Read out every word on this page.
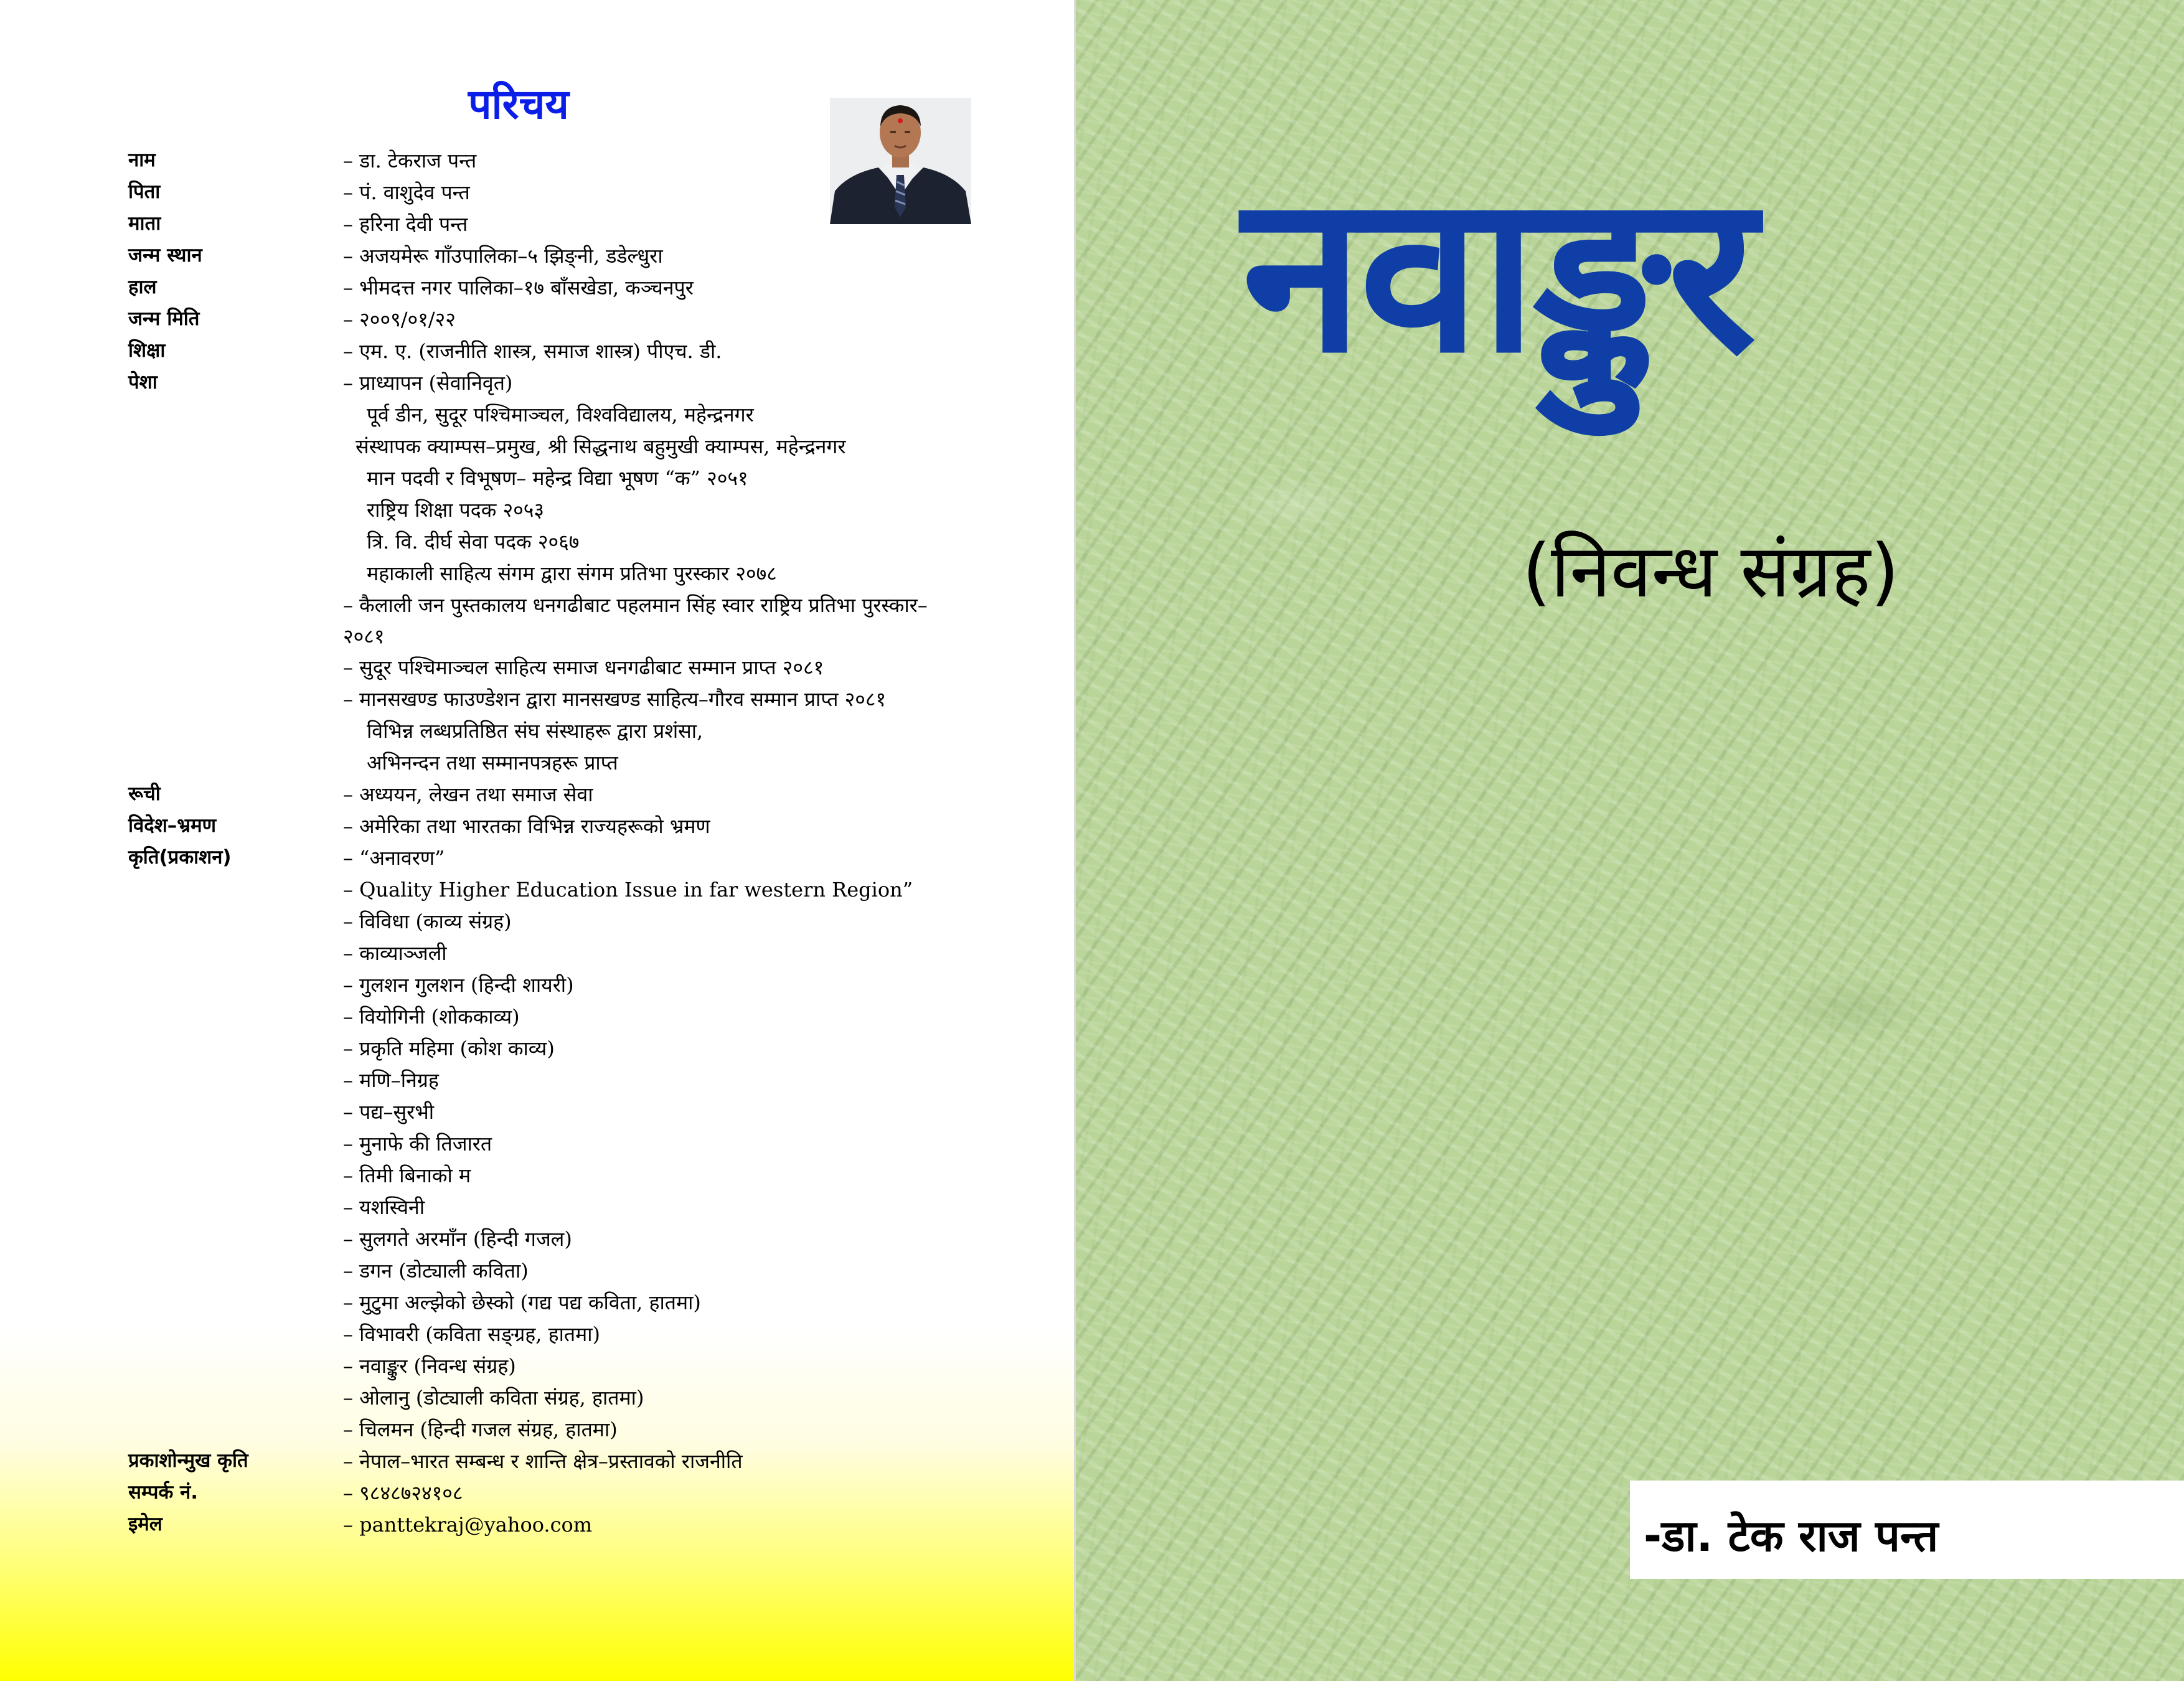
परिचय
नाम	– डा. टेकराज पन्त
पिता	– पं. वाशुदेव पन्त
माता	– हरिना देवी पन्त
जन्म स्थान	– अजयमेरू गाँउपालिका–५ झिङ्नी, डडेल्धुरा
हाल	– भीमदत्त नगर पालिका–१७ बाँसखेडा, कञ्चनपुर
जन्म मिति	– २००९/०१/२२
शिक्षा	– एम. ए. (राजनीति शास्त्र, समाज शास्त्र) पीएच. डी.
पेशा	– प्राध्यापन (सेवानिवृत)
पूर्व डीन, सुदूर पश्चिमाञ्चल, विश्वविद्यालय, महेन्द्रनगर
संस्थापक क्याम्पस–प्रमुख, श्री सिद्धनाथ बहुमुखी क्याम्पस, महेन्द्रनगर
मान पदवी र विभूषण– महेन्द्र विद्या भूषण “क” २०५१
राष्ट्रिय शिक्षा पदक २०५३
त्रि. वि. दीर्घ सेवा पदक २०६७
महाकाली साहित्य संगम द्वारा संगम प्रतिभा पुरस्कार २०७८
– कैलाली जन पुस्तकालय धनगढीबाट पहलमान सिंह स्वार राष्ट्रिय प्रतिभा पुरस्कार–२०८१
– सुदूर पश्चिमाञ्चल साहित्य समाज धनगढीबाट सम्मान प्राप्त २०८१
– मानसखण्ड फाउण्डेशन द्वारा मानसखण्ड साहित्य–गौरव सम्मान प्राप्त २०८१
विभिन्न लब्धप्रतिष्ठित संघ संस्थाहरू द्वारा प्रशंसा,
अभिनन्दन तथा सम्मानपत्रहरू प्राप्त
रूची	– अध्ययन, लेखन तथा समाज सेवा
विदेश–भ्रमण	– अमेरिका तथा भारतका विभिन्न राज्यहरूको भ्रमण
कृति(प्रकाशन)	– “अनावरण”
– Quality Higher Education Issue in far western Region”
– विविधा (काव्य संग्रह)
– काव्याञ्जली
– गुलशन गुलशन (हिन्दी शायरी)
– वियोगिनी (शोककाव्य)
– प्रकृति महिमा (कोश काव्य)
– मणि–निग्रह
– पद्य–सुरभी
– मुनाफे की तिजारत
– तिमी बिनाको म
– यशस्विनी
– सुलगते अरमाँन (हिन्दी गजल)
– डगन (डोट्याली कविता)
– मुटुमा अल्झेको छेस्को (गद्य पद्य कविता, हातमा)
– विभावरी (कविता सङ्ग्रह, हातमा)
– नवाङ्कुर (निवन्ध संग्रह)
– ओलानु (डोट्याली कविता संग्रह, हातमा)
– चिलमन (हिन्दी गजल संग्रह, हातमा)
प्रकाशोन्मुख कृति	– नेपाल–भारत सम्बन्ध र शान्ति क्षेत्र–प्रस्तावको राजनीति
सम्पर्क नं.	– ९८४८७२४१०८
इमेल	– panttekraj@yahoo.com
नवाङ्कुर
(निवन्ध संग्रह)
-डा. टेक राज पन्त
